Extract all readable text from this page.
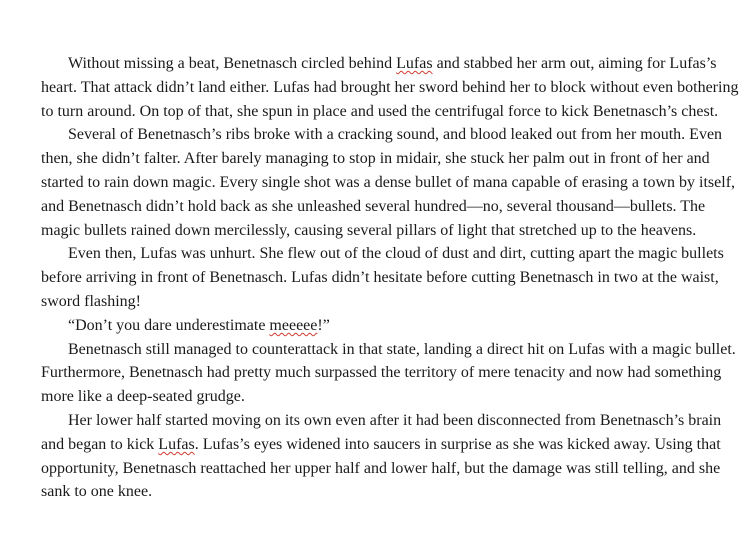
Without missing a beat, Benetnasch circled behind Lufas and stabbed her arm out, aiming for Lufas’s heart. That attack didn’t land either. Lufas had brought her sword behind her to block without even bothering to turn around. On top of that, she spun in place and used the centrifugal force to kick Benetnasch’s chest.

Several of Benetnasch’s ribs broke with a cracking sound, and blood leaked out from her mouth. Even then, she didn’t falter. After barely managing to stop in midair, she stuck her palm out in front of her and started to rain down magic. Every single shot was a dense bullet of mana capable of erasing a town by itself, and Benetnasch didn’t hold back as she unleashed several hundred—no, several thousand—bullets. The magic bullets rained down mercilessly, causing several pillars of light that stretched up to the heavens.

Even then, Lufas was unhurt. She flew out of the cloud of dust and dirt, cutting apart the magic bullets before arriving in front of Benetnasch. Lufas didn’t hesitate before cutting Benetnasch in two at the waist, sword flashing!

“Don’t you dare underestimate meeeee!”

Benetnasch still managed to counterattack in that state, landing a direct hit on Lufas with a magic bullet. Furthermore, Benetnasch had pretty much surpassed the territory of mere tenacity and now had something more like a deep-seated grudge.

Her lower half started moving on its own even after it had been disconnected from Benetnasch’s brain and began to kick Lufas. Lufas’s eyes widened into saucers in surprise as she was kicked away. Using that opportunity, Benetnasch reattached her upper half and lower half, but the damage was still telling, and she sank to one knee.
